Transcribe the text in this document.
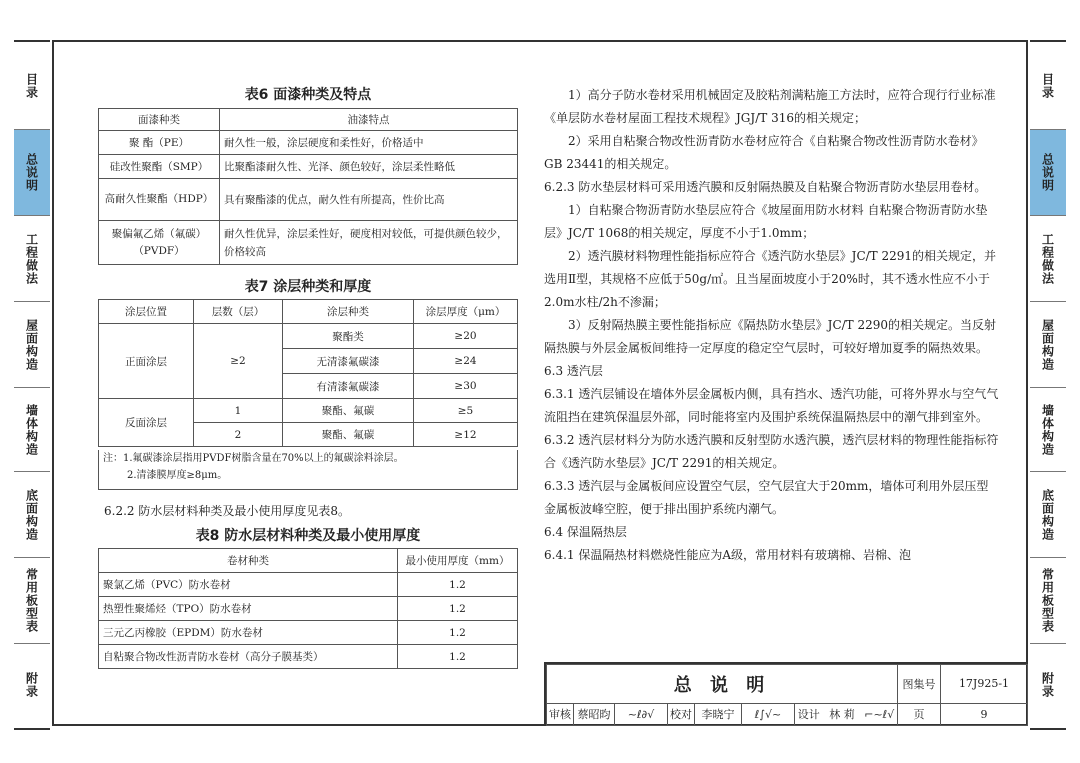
目录
总说明
工程做法
屋面构造
墙体构造
底面构造
常用板型表
附录
目录
总说明
工程做法
屋面构造
墙体构造
底面构造
常用板型表
附录
表6 面漆种类及特点
面漆种类	油漆特点
聚 酯（PE）	耐久性一般，涂层硬度和柔性好，价格适中
硅改性聚酯（SMP）	比聚酯漆耐久性、光泽、颜色较好，涂层柔性略低
高耐久性聚酯（HDP）	具有聚酯漆的优点，耐久性有所提高，性价比高
聚偏氟乙烯（氟碳）（PVDF）	耐久性优异，涂层柔性好，硬度相对较低，可提供颜色较少，价格较高
表7 涂层种类和厚度
涂层位置	层数（层）	涂层种类	涂层厚度（μm）
正面涂层	≥2	聚酯类	≥20
		无清漆氟碳漆	≥24
		有清漆氟碳漆	≥30
反面涂层	1	聚酯、氟碳	≥5
	2	聚酯、氟碳	≥12
注：1.氟碳漆涂层指用PVDF树脂含量在70%以上的氟碳涂料涂层。
2.清漆膜厚度≥8μm。
6.2.2 防水层材料种类及最小使用厚度见表8。
表8 防水层材料种类及最小使用厚度
卷材种类	最小使用厚度（mm）
聚氯乙烯（PVC）防水卷材	1.2
热塑性聚烯烃（TPO）防水卷材	1.2
三元乙丙橡胶（EPDM）防水卷材	1.2
自粘聚合物改性沥青防水卷材（高分子膜基类）	1.2
　　1）高分子防水卷材采用机械固定及胶粘剂满粘施工方法时，应符合现行行业标准《单层防水卷材屋面工程技术规程》JGJ/T 316的相关规定；
　　2）采用自粘聚合物改性沥青防水卷材应符合《自粘聚合物改性沥青防水卷材》GB 23441的相关规定。
6.2.3 防水垫层材料可采用透汽膜和反射隔热膜及自粘聚合物沥青防水垫层用卷材。
　　1）自粘聚合物沥青防水垫层应符合《坡屋面用防水材料 自粘聚合物沥青防水垫层》JC/T 1068的相关规定，厚度不小于1.0mm；
　　2）透汽膜材料物理性能指标应符合《透汽防水垫层》JC/T 2291的相关规定，并选用Ⅱ型，其规格不应低于50g/㎡。且当屋面坡度小于20%时，其不透水性应不小于2.0m水柱/2h不渗漏；
　　3）反射隔热膜主要性能指标应《隔热防水垫层》JC/T 2290的相关规定。当反射隔热膜与外层金属板间维持一定厚度的稳定空气层时，可较好增加夏季的隔热效果。
6.3 透汽层
6.3.1 透汽层铺设在墙体外层金属板内侧，具有挡水、透汽功能，可将外界水与空气气流阻挡在建筑保温层外部，同时能将室内及围护系统保温隔热层中的潮气排到室外。
6.3.2 透汽层材料分为防水透汽膜和反射型防水透汽膜，透汽层材料的物理性能指标符合《透汽防水垫层》JC/T 2291的相关规定。
6.3.3 透汽层与金属板间应设置空气层，空气层宜大于20mm，墙体可利用外层压型金属板波峰空腔，便于排出围护系统内潮气。
6.4 保温隔热层
6.4.1 保温隔热材料燃烧性能应为A级，常用材料有玻璃棉、岩棉、泡
总 说 明							图集号	17J925-1
审核	蔡昭昀	~ℓ∂√	校对	李晓宁	ℓ∫√~	设计 林 莉 ⌐~ℓ√	页	9
